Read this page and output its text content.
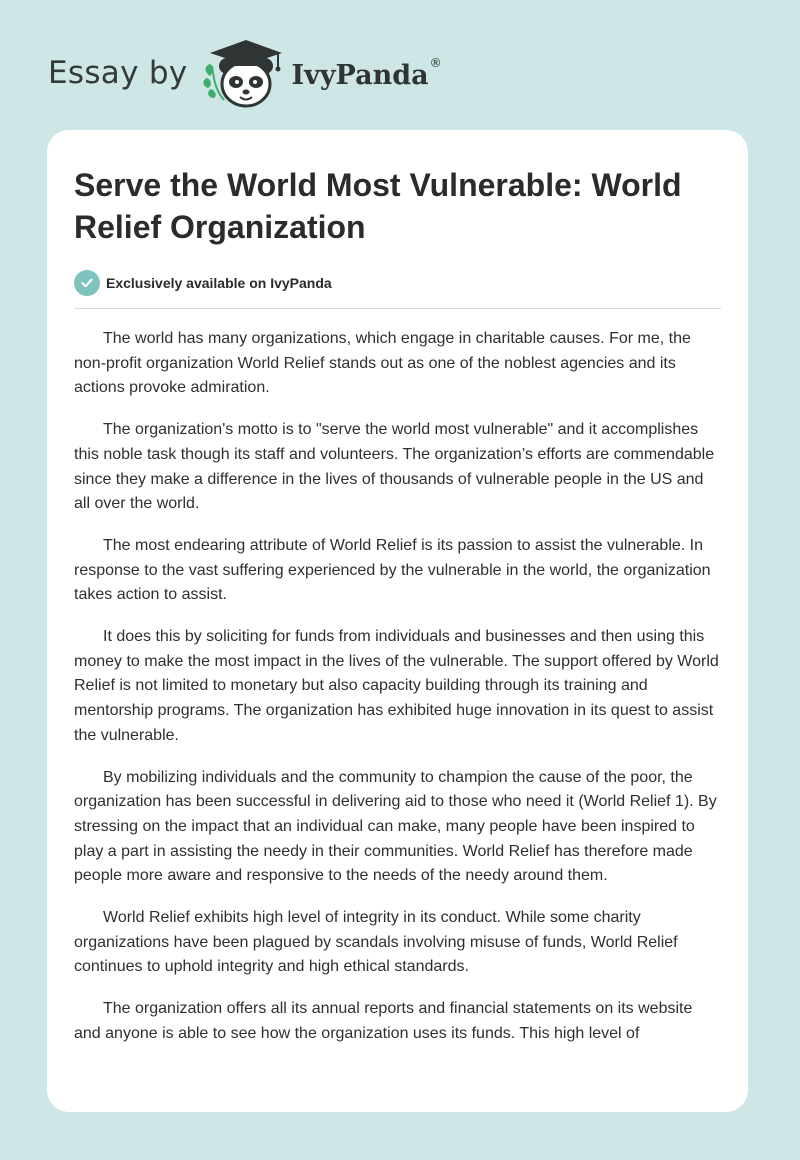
Essay by	IvyPanda ®
Serve the World Most Vulnerable: World Relief Organization
Exclusively available on IvyPanda

The world has many organizations, which engage in charitable causes. For me, the non-profit organization World Relief stands out as one of the noblest agencies and its actions provoke admiration.

The organization's motto is to "serve the world most vulnerable" and it accomplishes this noble task though its staff and volunteers. The organization’s efforts are commendable since they make a difference in the lives of thousands of vulnerable people in the US and all over the world.

The most endearing attribute of World Relief is its passion to assist the vulnerable. In response to the vast suffering experienced by the vulnerable in the world, the organization takes action to assist.

It does this by soliciting for funds from individuals and businesses and then using this money to make the most impact in the lives of the vulnerable. The support offered by World Relief is not limited to monetary but also capacity building through its training and mentorship programs. The organization has exhibited huge innovation in its quest to assist the vulnerable.

By mobilizing individuals and the community to champion the cause of the poor, the organization has been successful in delivering aid to those who need it (World Relief 1). By stressing on the impact that an individual can make, many people have been inspired to play a part in assisting the needy in their communities. World Relief has therefore made people more aware and responsive to the needs of the needy around them.

World Relief exhibits high level of integrity in its conduct. While some charity organizations have been plagued by scandals involving misuse of funds, World Relief continues to uphold integrity and high ethical standards.

The organization offers all its annual reports and financial statements on its website and anyone is able to see how the organization uses its funds. This high level of
